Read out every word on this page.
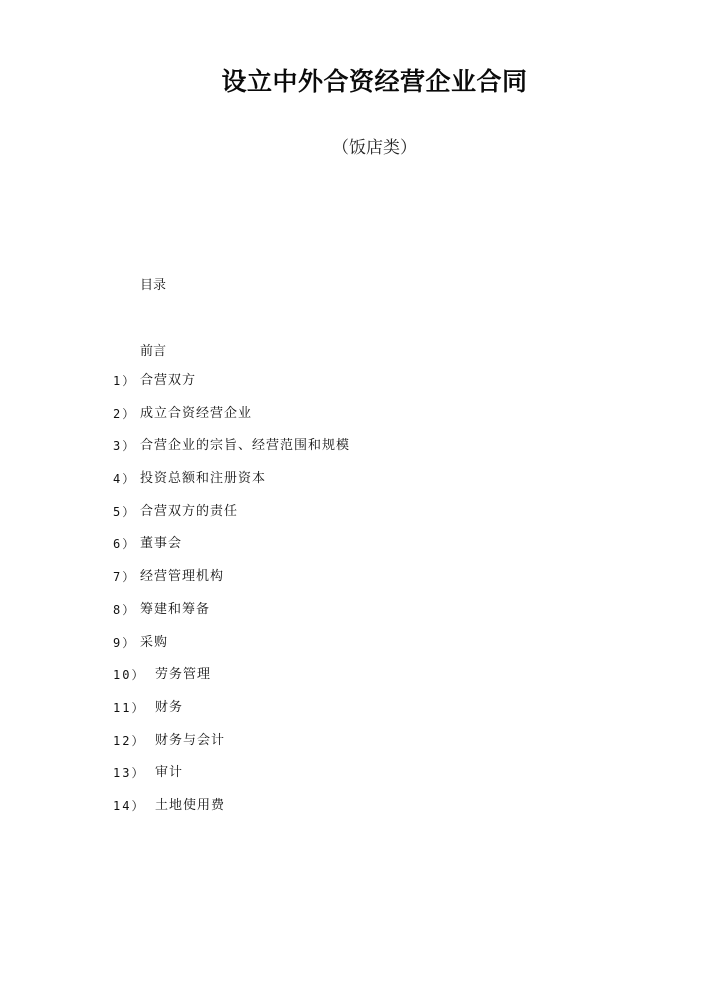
设立中外合资经营企业合同
（饭店类）
目录
前言
1） 合营双方
2） 成立合资经营企业
3） 合营企业的宗旨、经营范围和规模
4） 投资总额和注册资本
5） 合营双方的责任
6） 董事会
7） 经营管理机构
8） 筹建和筹备
9） 采购
10） 劳务管理
11） 财务
12） 财务与会计
13） 审计
14） 土地使用费
